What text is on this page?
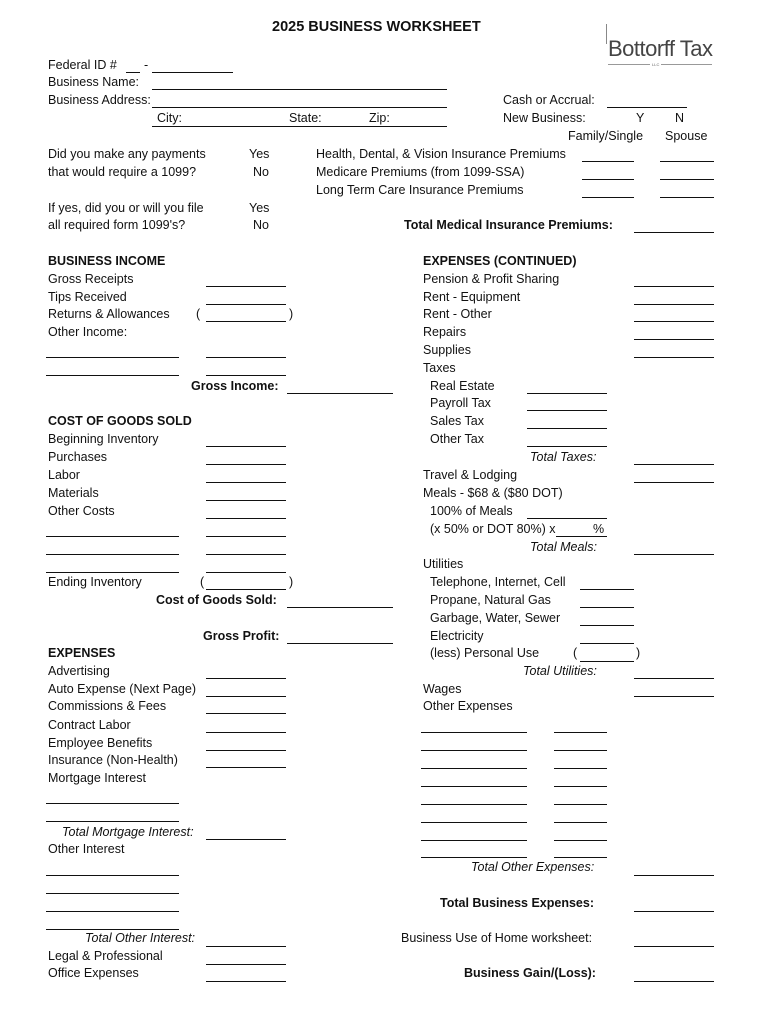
2025 BUSINESS WORKSHEET
Bottorff Tax
LLC
Federal ID # -
Business Name:
Business Address:
City:	State:	Zip:
Cash or Accrual:
New Business:	Y N
Family/Single Spouse
Did you make any payments
that would require a 1099?
Yes
No
If yes, did you or will you file
all required form 1099's?
Yes
No
Health, Dental, & Vision Insurance Premiums
Medicare Premiums (from 1099-SSA)
Long Term Care Insurance Premiums
Total Medical Insurance Premiums:
BUSINESS INCOME
Gross Receipts
Tips Received
Returns & Allowances (	)
Other Income:
Gross Income:
COST OF GOODS SOLD
Beginning Inventory
Purchases
Labor
Materials
Other Costs
Ending Inventory	(	)
Cost of Goods Sold:
Gross Profit:
EXPENSES
Advertising
Auto Expense (Next Page)
Commissions & Fees
Contract Labor
Employee Benefits
Insurance (Non-Health)
Mortgage Interest
Total Mortgage Interest:
Other Interest
Total Other Interest:
Legal & Professional
Office Expenses
EXPENSES (CONTINUED)
Pension & Profit Sharing
Rent - Equipment
Rent - Other
Repairs
Supplies
Taxes
Real Estate
Payroll Tax
Sales Tax
Other Tax
Total Taxes:
Travel & Lodging
Meals - $68 & ($80 DOT)
100% of Meals
(x 50% or DOT 80%) x	%
Total Meals:
Utilities
Telephone, Internet, Cell
Propane, Natural Gas
Garbage, Water, Sewer
Electricity
(less) Personal Use	(	)
Total Utilities:
Wages
Other Expenses
Total Other Expenses:
Total Business Expenses:
Business Use of Home worksheet:
Business Gain/(Loss):
